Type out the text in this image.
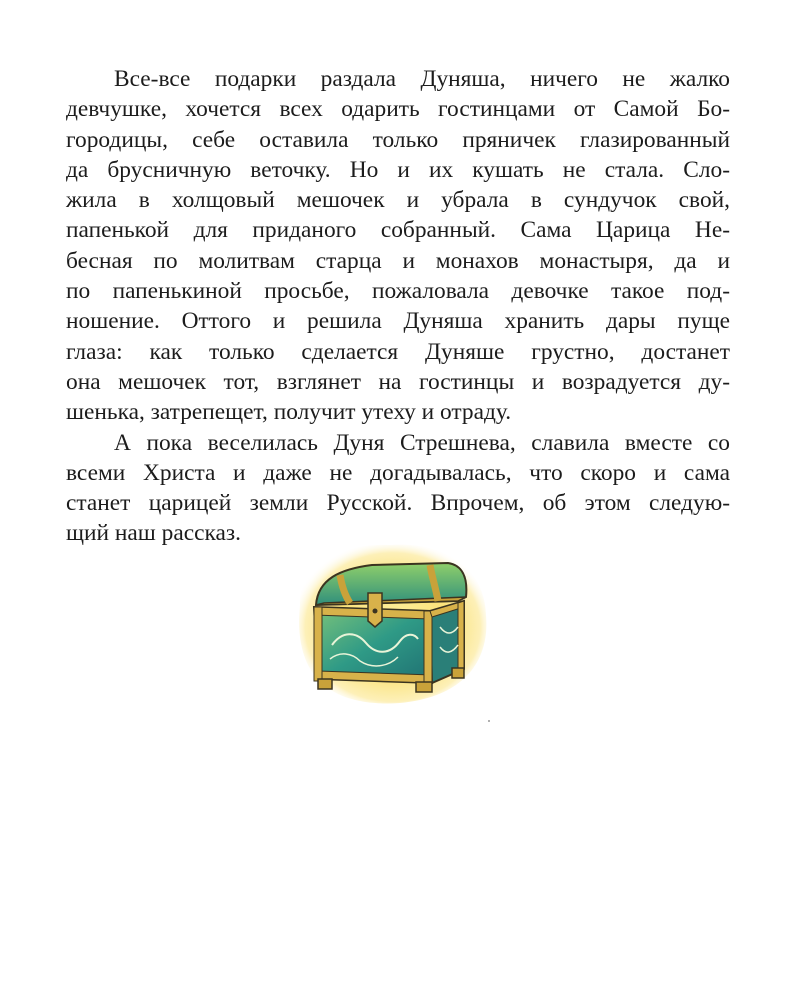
Все-все подарки раздала Дуняша, ничего не жалко
девчушке, хочется всех одарить гостинцами от Самой Бо-
городицы, себе оставила только пряничек глазированный
да брусничную веточку. Но и их кушать не стала. Сло-
жила в холщовый мешочек и убрала в сундучок свой,
папенькой для приданого собранный. Сама Царица Не-
бесная по молитвам старца и монахов монастыря, да и
по папенькиной просьбе, пожаловала девочке такое под-
ношение. Оттого и решила Дуняша хранить дары пуще
глаза: как только сделается Дуняше грустно, достанет
она мешочек тот, взглянет на гостинцы и возрадуется ду-
шенька, затрепещет, получит утеху и отраду.
А пока веселилась Дуня Стрешнева, славила вместе со
всеми Христа и даже не догадывалась, что скоро и сама
станет царицей земли Русской. Впрочем, об этом следую-
щий наш рассказ.
